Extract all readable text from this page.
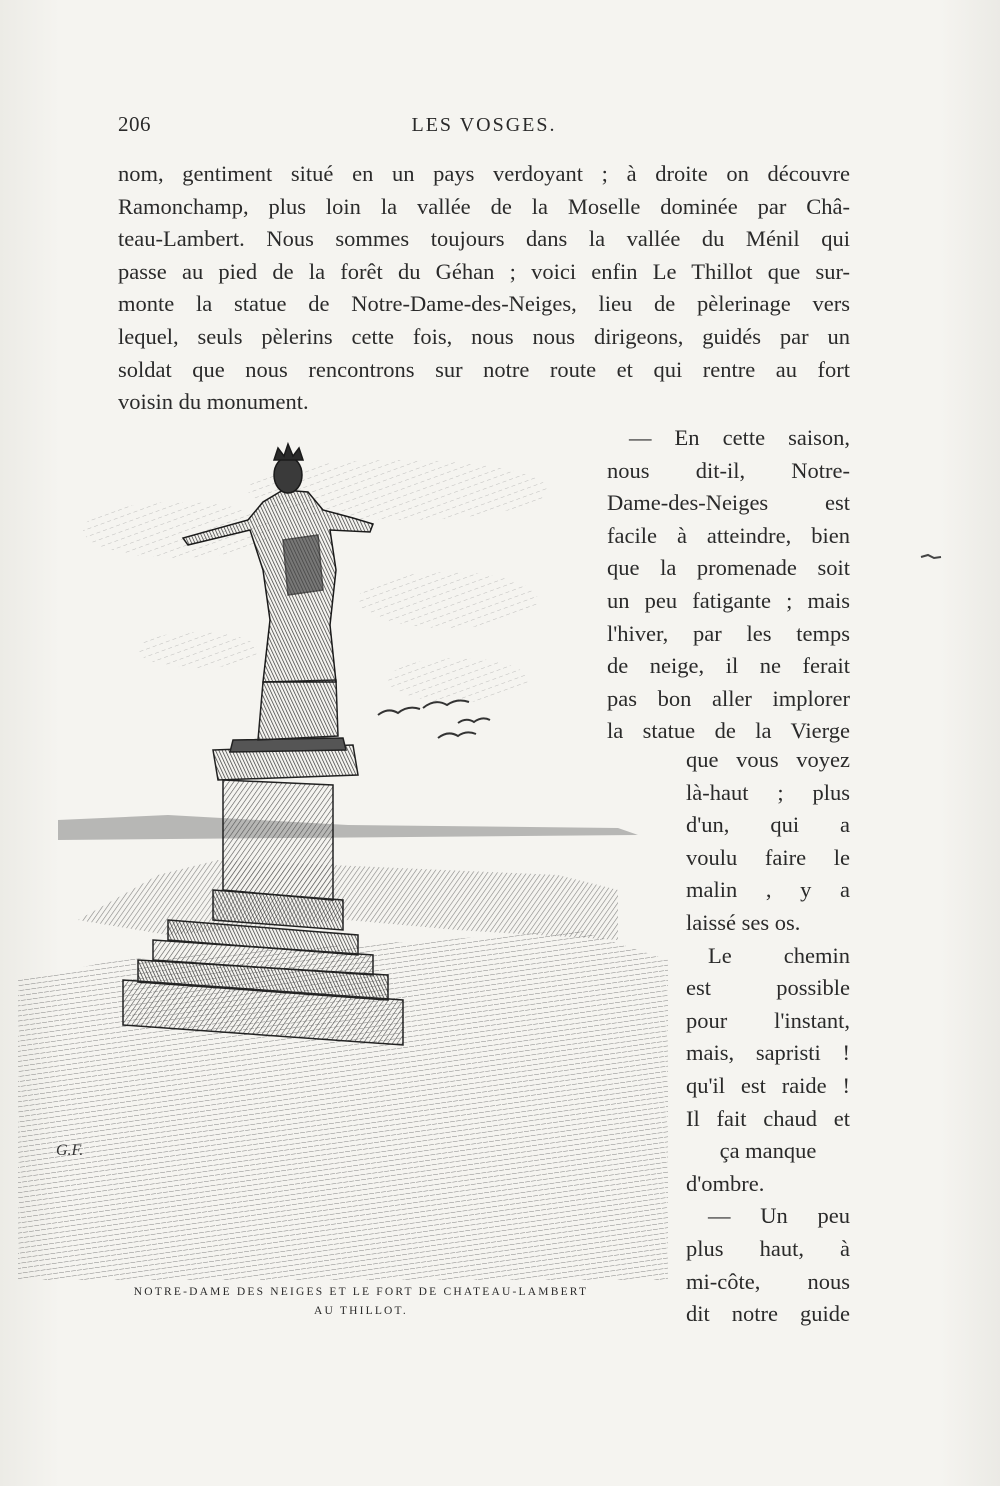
206	LES VOSGES.
nom, gentiment situé en un pays verdoyant ; à droite on découvre
Ramonchamp, plus loin la vallée de la Moselle dominée par Châ-
teau-Lambert. Nous sommes toujours dans la vallée du Ménil qui
passe au pied de la forêt du Géhan ; voici enfin Le Thillot que sur-
monte la statue de Notre-Dame-des-Neiges, lieu de pèlerinage vers
lequel, seuls pèlerins cette fois, nous nous dirigeons, guidés par un
soldat que nous rencontrons sur notre route et qui rentre au fort
voisin du monument.
— En cette saison,
nous dit-il, Notre-
Dame-des-Neiges est
facile à atteindre, bien
que la promenade soit
un peu fatigante ; mais
l'hiver, par les temps
de neige, il ne ferait
pas bon aller implorer
la statue de la Vierge
que vous voyez
là-haut ; plus
d'un, qui a
voulu faire le
malin , y a
laissé ses os.
Le chemin
est possible
pour l'instant,
mais, sapristi !
qu'il est raide !
Il fait chaud et
ça manque
d'ombre.
— Un peu
plus haut, à
mi-côte, nous
dit notre guide
G.F.
NOTRE-DAME DES NEIGES ET LE FORT DE CHATEAU-LAMBERT
AU THILLOT.
